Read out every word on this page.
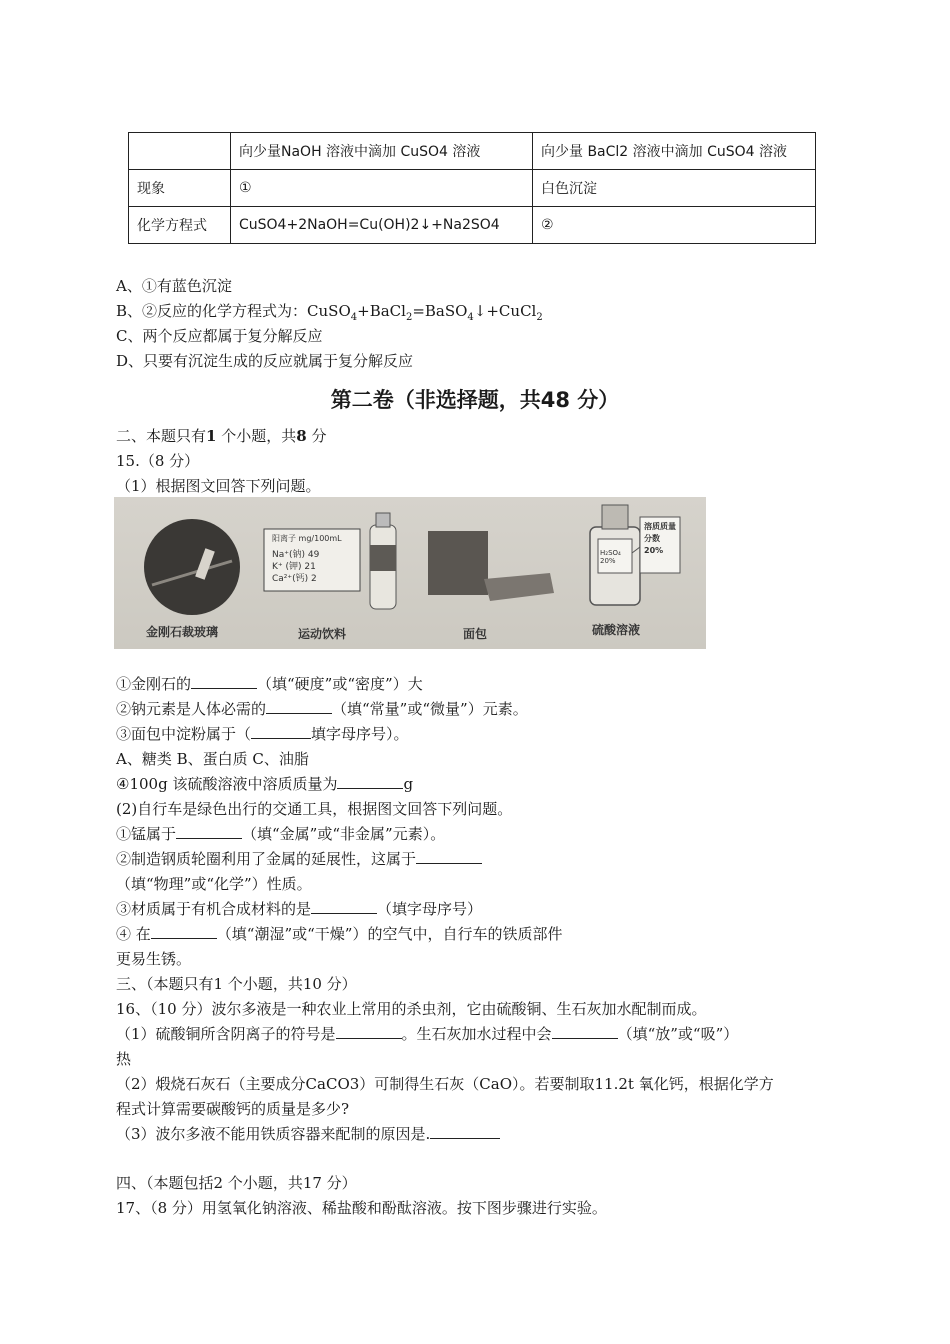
	向少量NaOH 溶液中滴加 CuSO4 溶液	向少量 BaCl2 溶液中滴加 CuSO4 溶液
现象	①	白色沉淀
化学方程式	CuSO4+2NaOH=Cu(OH)2↓+Na2SO4	②
A、①有蓝色沉淀
B、②反应的化学方程式为：CuSO$_4$+BaCl$_2$=BaSO$_4$↓+CuCl$_2$
C、两个反应都属于复分解反应
D、只要有沉淀生成的反应就属于复分解反应
第二卷（非选择题，共48 分）
二、本题只有1 个小题，共8 分
15.（8 分）
（1）根据图文回答下列问题。
阳离子 mg/100mL
Na⁺(钠) 49
K⁺ (钾) 21
Ca²⁺(钙) 2
H₂SO₄ 20%
溶质质量分数20%
金刚石裁玻璃	运动饮料	面包	硫酸溶液
①金刚石的	（填“硬度”或“密度”）大
②钠元素是人体必需的	（填“常量”或“微量”）元素。
③面包中淀粉属于（	填字母序号）。
A、糖类 B、蛋白质 C、油脂
④100g 该硫酸溶液中溶质质量为	g
(2)自行车是绿色出行的交通工具，根据图文回答下列问题。
①锰属于	（填“金属”或“非金属”元素）。
②制造钢质轮圈利用了金属的延展性，这属于
（填“物理”或“化学”）性质。
③材质属于有机合成材料的是	（填字母序号）
④ 在	（填“潮湿”或“干燥”）的空气中，自行车的铁质部件
更易生锈。
三、（本题只有1 个小题，共10 分）
16、（10 分）波尔多液是一种农业上常用的杀虫剂，它由硫酸铜、生石灰加水配制而成。
（1）硫酸铜所含阴离子的符号是	。生石灰加水过程中会	（填“放”或“吸”）
热
（2）煅烧石灰石（主要成分CaCO3）可制得生石灰（CaO）。若要制取11.2t 氧化钙，根据化学方
程式计算需要碳酸钙的质量是多少?
（3）波尔多液不能用铁质容器来配制的原因是.
四、（本题包括2 个小题，共17 分）
17、（8 分）用氢氧化钠溶液、稀盐酸和酚酞溶液。按下图步骤进行实验。
